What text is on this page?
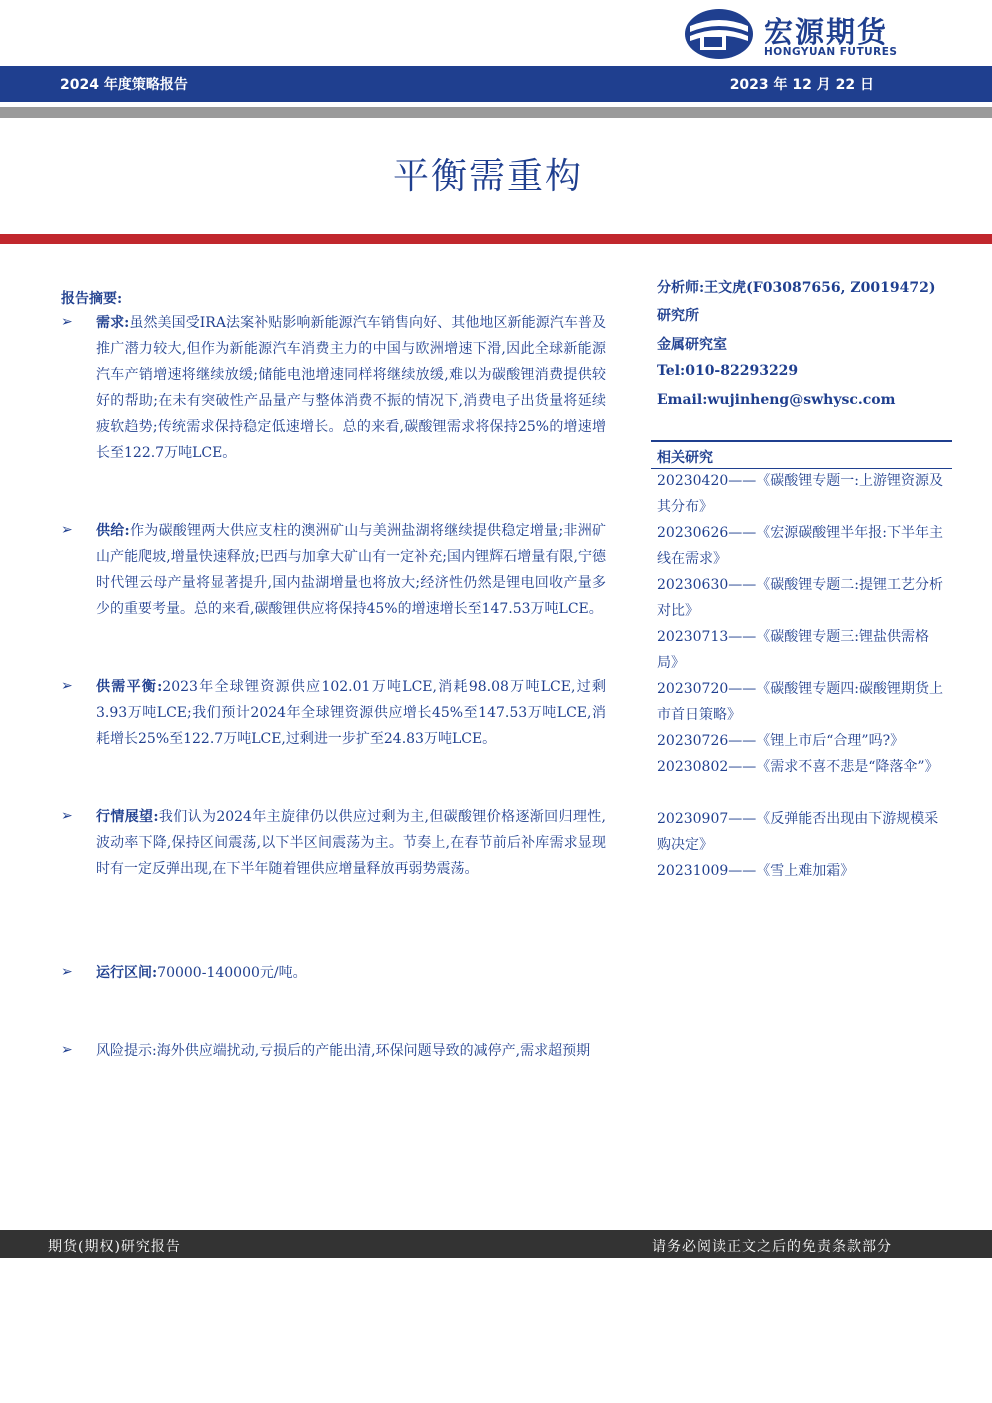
宏源期货
HONGYUAN FUTURES
2024 年度策略报告	2023 年 12 月 22 日
平衡需重构
报告摘要:
➢ 需求:虽然美国受IRA法案补贴影响新能源汽车销售向好、其他地区新能源汽车普及推广潜力较大,但作为新能源汽车消费主力的中国与欧洲增速下滑,因此全球新能源汽车产销增速将继续放缓;储能电池增速同样将继续放缓,难以为碳酸锂消费提供较好的帮助;在未有突破性产品量产与整体消费不振的情况下,消费电子出货量将延续疲软趋势;传统需求保持稳定低速增长。总的来看,碳酸锂需求将保持25%的增速增长至122.7万吨LCE。
➢ 供给:作为碳酸锂两大供应支柱的澳洲矿山与美洲盐湖将继续提供稳定增量;非洲矿山产能爬坡,增量快速释放;巴西与加拿大矿山有一定补充;国内锂辉石增量有限,宁德时代锂云母产量将显著提升,国内盐湖增量也将放大;经济性仍然是锂电回收产量多少的重要考量。总的来看,碳酸锂供应将保持45%的增速增长至147.53万吨LCE。
➢ 供需平衡:2023年全球锂资源供应102.01万吨LCE,消耗98.08万吨LCE,过剩3.93万吨LCE;我们预计2024年全球锂资源供应增长45%至147.53万吨LCE,消耗增长25%至122.7万吨LCE,过剩进一步扩至24.83万吨LCE。
➢ 行情展望:我们认为2024年主旋律仍以供应过剩为主,但碳酸锂价格逐渐回归理性,波动率下降,保持区间震荡,以下半区间震荡为主。节奏上,在春节前后补库需求显现时有一定反弹出现,在下半年随着锂供应增量释放再弱势震荡。
➢ 运行区间:70000-140000元/吨。
➢ 风险提示:海外供应端扰动,亏损后的产能出清,环保问题导致的减停产,需求超预期
分析师:王文虎(F03087656, Z0019472)
研究所
金属研究室
Tel:010-82293229
Email:wujinheng@swhysc.com
相关研究
20230420——《碳酸锂专题一:上游锂资源及其分布》
20230626——《宏源碳酸锂半年报:下半年主线在需求》
20230630——《碳酸锂专题二:提锂工艺分析对比》
20230713——《碳酸锂专题三:锂盐供需格局》
20230720——《碳酸锂专题四:碳酸锂期货上市首日策略》
20230726——《锂上市后“合理”吗?》
20230802——《需求不喜不悲是“降落伞”》
20230907——《反弹能否出现由下游规模采购决定》
20231009——《雪上难加霜》
期货(期权)研究报告	请务必阅读正文之后的免责条款部分
